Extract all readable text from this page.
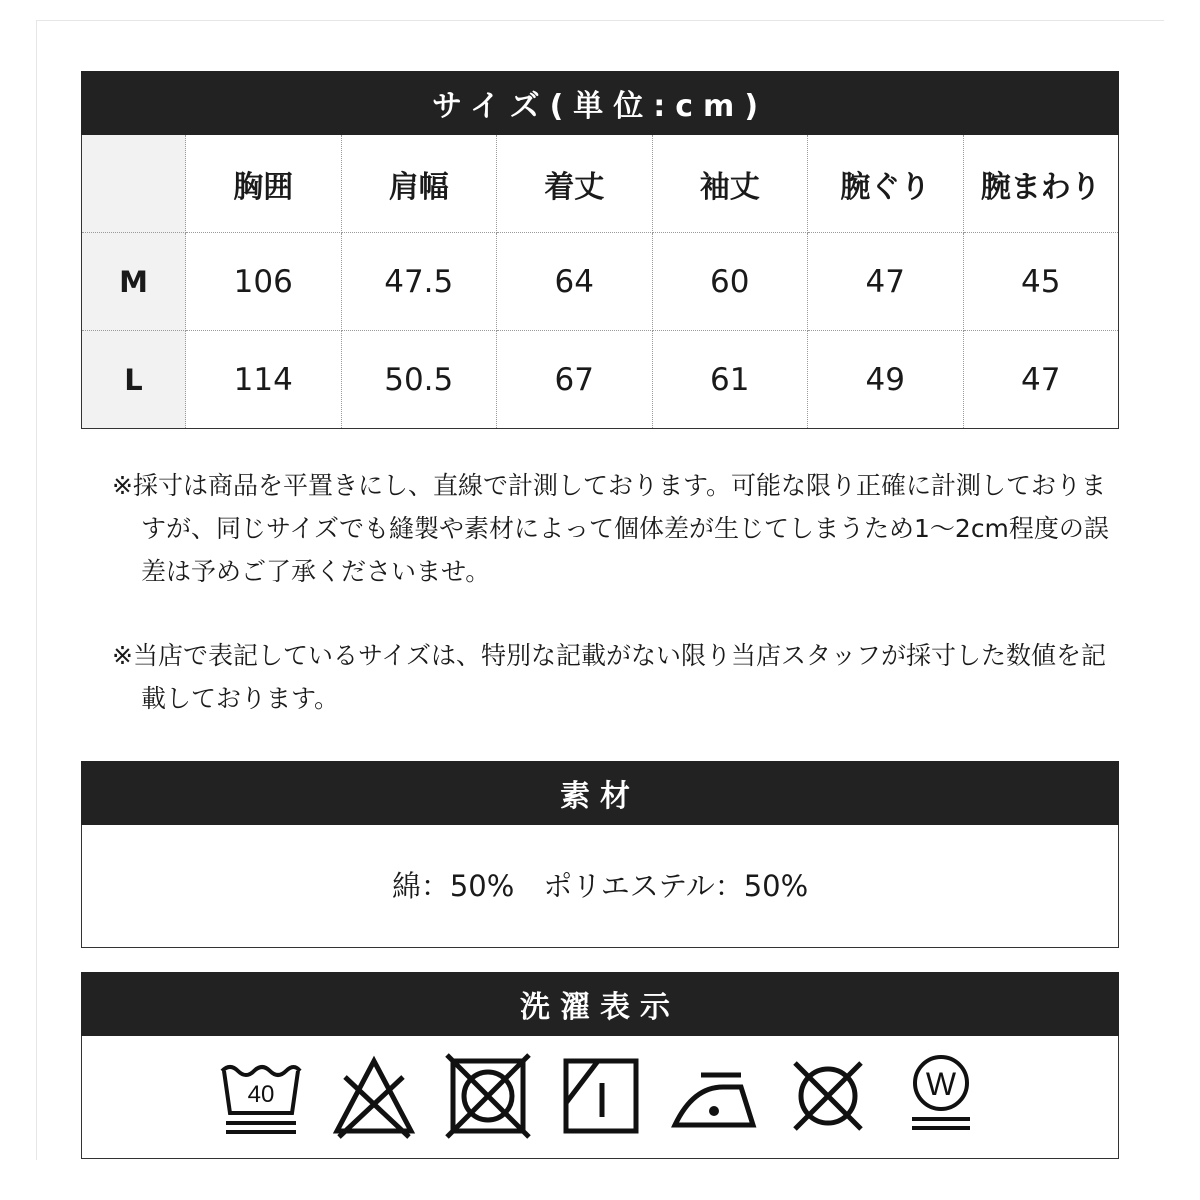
サイズ(単位:cm)
	胸囲	肩幅	着丈	袖丈	腕ぐり	腕まわり
M	106	47.5	64	60	47	45
L	114	50.5	67	61	49	47

※採寸は商品を平置きにし、直線で計測しております。可能な限り正確に計測しておりますが、同じサイズでも縫製や素材によって個体差が生じてしまうため1～2cm程度の誤差は予めご了承くださいませ。

※当店で表記しているサイズは、特別な記載がない限り当店スタッフが採寸した数値を記載しております。

素材
綿：50%　ポリエステル：50%
洗濯表示
40	W
